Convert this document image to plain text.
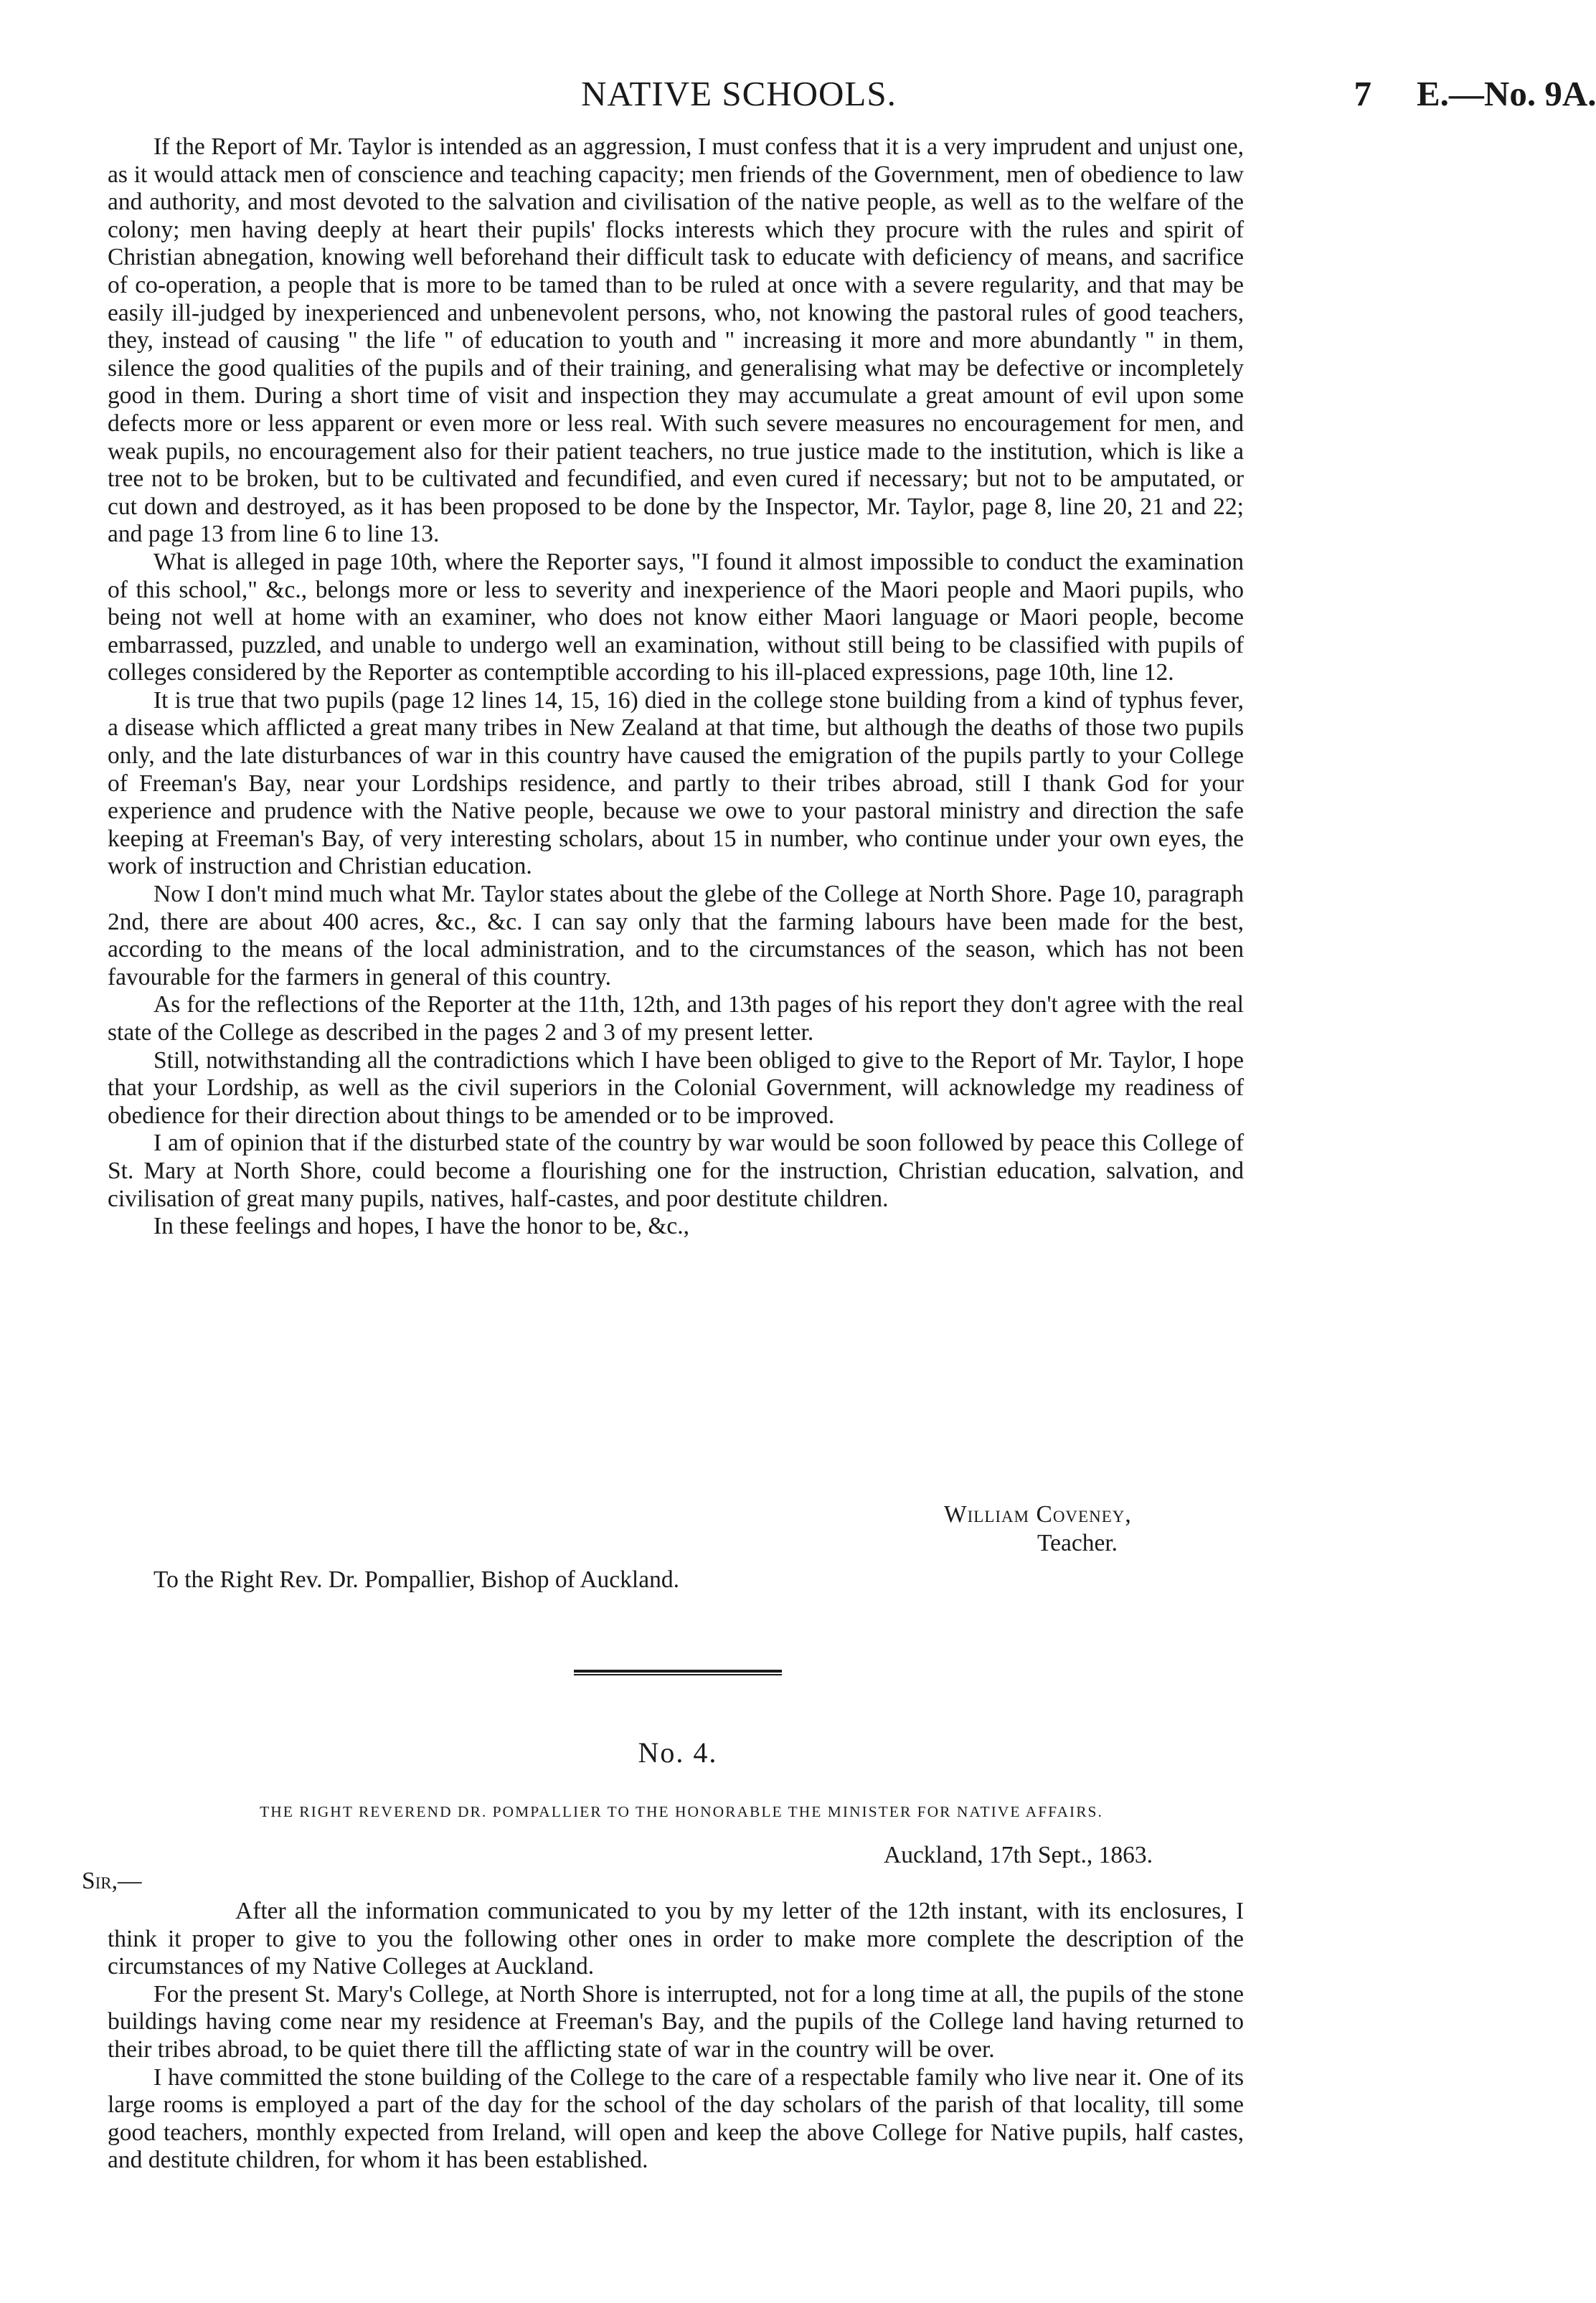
NATIVE SCHOOLS.	7 E.—No. 9A.

If the Report of Mr. Taylor is intended as an aggression, I must confess that it is a very imprudent and unjust one, as it would attack men of conscience and teaching capacity; men friends of the Government, men of obedience to law and authority, and most devoted to the salvation and civilisation of the native people, as well as to the welfare of the colony; men having deeply at heart their pupils' flocks interests which they procure with the rules and spirit of Christian abnegation, knowing well beforehand their difficult task to educate with deficiency of means, and sacrifice of co-operation, a people that is more to be tamed than to be ruled at once with a severe regularity, and that may be easily ill-judged by inexperienced and unbenevolent persons, who, not knowing the pastoral rules of good teachers, they, instead of causing " the life " of education to youth and " increasing it more and more abundantly " in them, silence the good qualities of the pupils and of their training, and generalising what may be defective or incompletely good in them. During a short time of visit and inspection they may accumulate a great amount of evil upon some defects more or less apparent or even more or less real. With such severe measures no encouragement for men, and weak pupils, no encouragement also for their patient teachers, no true justice made to the institution, which is like a tree not to be broken, but to be cultivated and fecundified, and even cured if necessary; but not to be amputated, or cut down and destroyed, as it has been proposed to be done by the Inspector, Mr. Taylor, page 8, line 20, 21 and 22; and page 13 from line 6 to line 13.

What is alleged in page 10th, where the Reporter says, "I found it almost impossible to conduct the examination of this school," &c., belongs more or less to severity and inexperience of the Maori people and Maori pupils, who being not well at home with an examiner, who does not know either Maori language or Maori people, become embarrassed, puzzled, and unable to undergo well an examination, without still being to be classified with pupils of colleges considered by the Reporter as contemptible according to his ill-placed expressions, page 10th, line 12.

It is true that two pupils (page 12 lines 14, 15, 16) died in the college stone building from a kind of typhus fever, a disease which afflicted a great many tribes in New Zealand at that time, but although the deaths of those two pupils only, and the late disturbances of war in this country have caused the emigration of the pupils partly to your College of Freeman's Bay, near your Lordships residence, and partly to their tribes abroad, still I thank God for your experience and prudence with the Native people, because we owe to your pastoral ministry and direction the safe keeping at Freeman's Bay, of very interesting scholars, about 15 in number, who continue under your own eyes, the work of instruction and Christian education.

Now I don't mind much what Mr. Taylor states about the glebe of the College at North Shore. Page 10, paragraph 2nd, there are about 400 acres, &c., &c. I can say only that the farming labours have been made for the best, according to the means of the local administration, and to the circumstances of the season, which has not been favourable for the farmers in general of this country.

As for the reflections of the Reporter at the 11th, 12th, and 13th pages of his report they don't agree with the real state of the College as described in the pages 2 and 3 of my present letter.

Still, notwithstanding all the contradictions which I have been obliged to give to the Report of Mr. Taylor, I hope that your Lordship, as well as the civil superiors in the Colonial Government, will acknowledge my readiness of obedience for their direction about things to be amended or to be improved.

I am of opinion that if the disturbed state of the country by war would be soon followed by peace this College of St. Mary at North Shore, could become a flourishing one for the instruction, Christian education, salvation, and civilisation of great many pupils, natives, half-castes, and poor destitute children.

In these feelings and hopes, I have the honor to be, &c.,

William Coveney,
Teacher.
To the Right Rev. Dr. Pompallier, Bishop of Auckland.
No. 4.
THE RIGHT REVEREND DR. POMPALLIER TO THE HONORABLE THE MINISTER FOR NATIVE AFFAIRS.
Auckland, 17th Sept., 1863.
Sir,—

After all the information communicated to you by my letter of the 12th instant, with its enclosures, I think it proper to give to you the following other ones in order to make more complete the description of the circumstances of my Native Colleges at Auckland.

For the present St. Mary's College, at North Shore is interrupted, not for a long time at all, the pupils of the stone buildings having come near my residence at Freeman's Bay, and the pupils of the College land having returned to their tribes abroad, to be quiet there till the afflicting state of war in the country will be over.

I have committed the stone building of the College to the care of a respectable family who live near it. One of its large rooms is employed a part of the day for the school of the day scholars of the parish of that locality, till some good teachers, monthly expected from Ireland, will open and keep the above College for Native pupils, half castes, and destitute children, for whom it has been established.
